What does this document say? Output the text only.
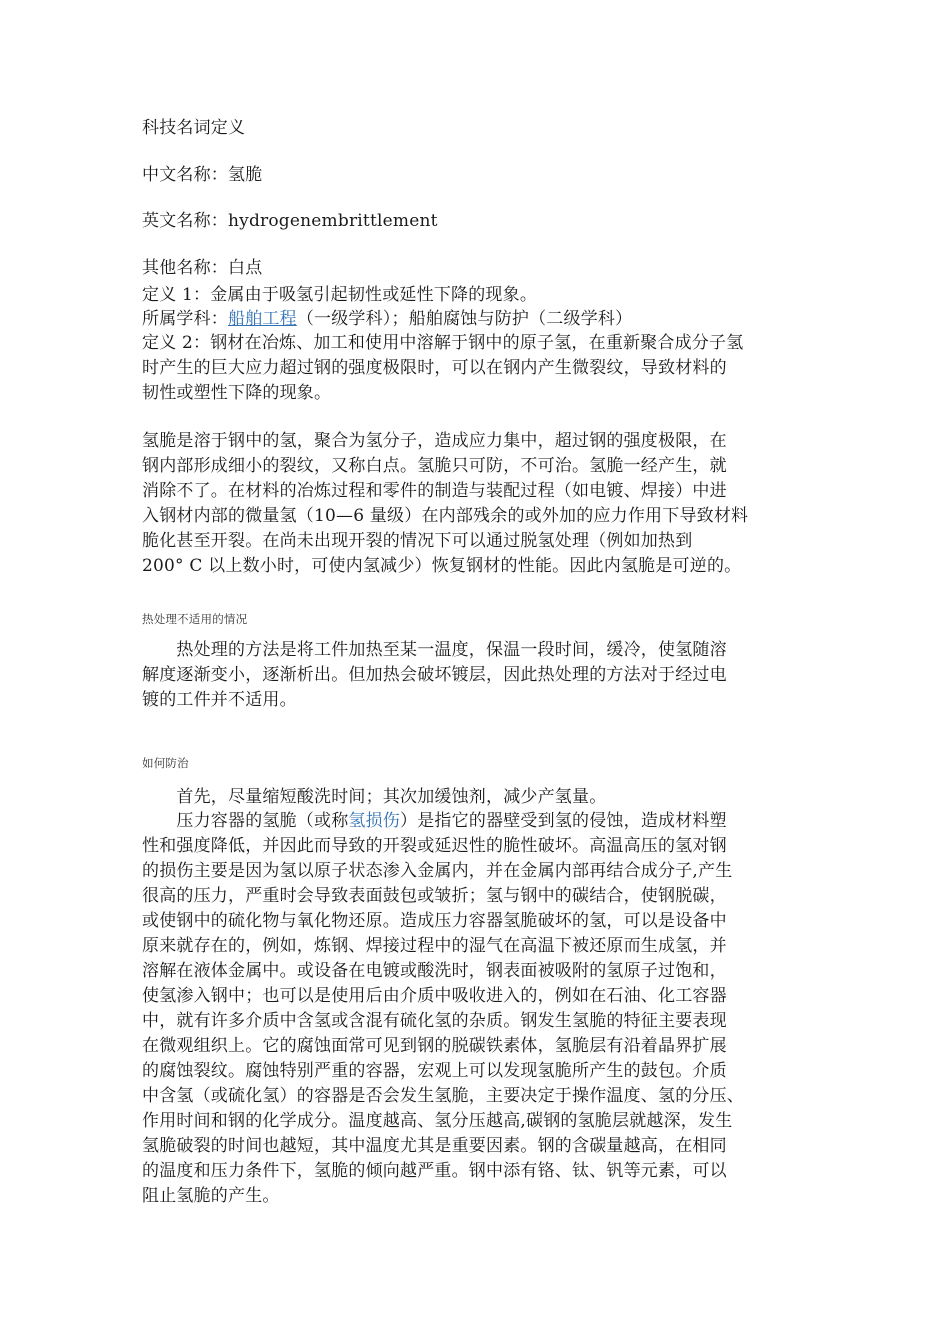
科技名词定义
中文名称：氢脆
英文名称：hydrogenembrittlement
其他名称：白点
定义 1：金属由于吸氢引起韧性或延性下降的现象。
所属学科：船舶工程（一级学科）；船舶腐蚀与防护（二级学科）
定义 2：钢材在冶炼、加工和使用中溶解于钢中的原子氢，在重新聚合成分子氢
时产生的巨大应力超过钢的强度极限时，可以在钢内产生微裂纹，导致材料的
韧性或塑性下降的现象。
氢脆是溶于钢中的氢，聚合为氢分子，造成应力集中，超过钢的强度极限，在
钢内部形成细小的裂纹，又称白点。氢脆只可防，不可治。氢脆一经产生，就
消除不了。在材料的冶炼过程和零件的制造与装配过程（如电镀、焊接）中进
入钢材内部的微量氢（10—6 量级）在内部残余的或外加的应力作用下导致材料
脆化甚至开裂。在尚未出现开裂的情况下可以通过脱氢处理（例如加热到
200° C 以上数小时，可使内氢减少）恢复钢材的性能。因此内氢脆是可逆的。
热处理不适用的情况
　　热处理的方法是将工件加热至某一温度，保温一段时间，缓冷，使氢随溶
解度逐渐变小，逐渐析出。但加热会破坏镀层，因此热处理的方法对于经过电
镀的工件并不适用。
如何防治
　　首先，尽量缩短酸洗时间；其次加缓蚀剂，减少产氢量。
　　压力容器的氢脆（或称氢损伤）是指它的器壁受到氢的侵蚀，造成材料塑
性和强度降低，并因此而导致的开裂或延迟性的脆性破坏。高温高压的氢对钢
的损伤主要是因为氢以原子状态渗入金属内，并在金属内部再结合成分子,产生
很高的压力，严重时会导致表面鼓包或皱折；氢与钢中的碳结合，使钢脱碳，
或使钢中的硫化物与氧化物还原。造成压力容器氢脆破坏的氢，可以是设备中
原来就存在的，例如，炼钢、焊接过程中的湿气在高温下被还原而生成氢，并
溶解在液体金属中。或设备在电镀或酸洗时，钢表面被吸附的氢原子过饱和，
使氢渗入钢中；也可以是使用后由介质中吸收进入的，例如在石油、化工容器
中，就有许多介质中含氢或含混有硫化氢的杂质。钢发生氢脆的特征主要表现
在微观组织上。它的腐蚀面常可见到钢的脱碳铁素体，氢脆层有沿着晶界扩展
的腐蚀裂纹。腐蚀特别严重的容器，宏观上可以发现氢脆所产生的鼓包。介质
中含氢（或硫化氢）的容器是否会发生氢脆，主要决定于操作温度、氢的分压、
作用时间和钢的化学成分。温度越高、氢分压越高,碳钢的氢脆层就越深，发生
氢脆破裂的时间也越短，其中温度尤其是重要因素。钢的含碳量越高，在相同
的温度和压力条件下，氢脆的倾向越严重。钢中添有铬、钛、钒等元素，可以
阻止氢脆的产生。
